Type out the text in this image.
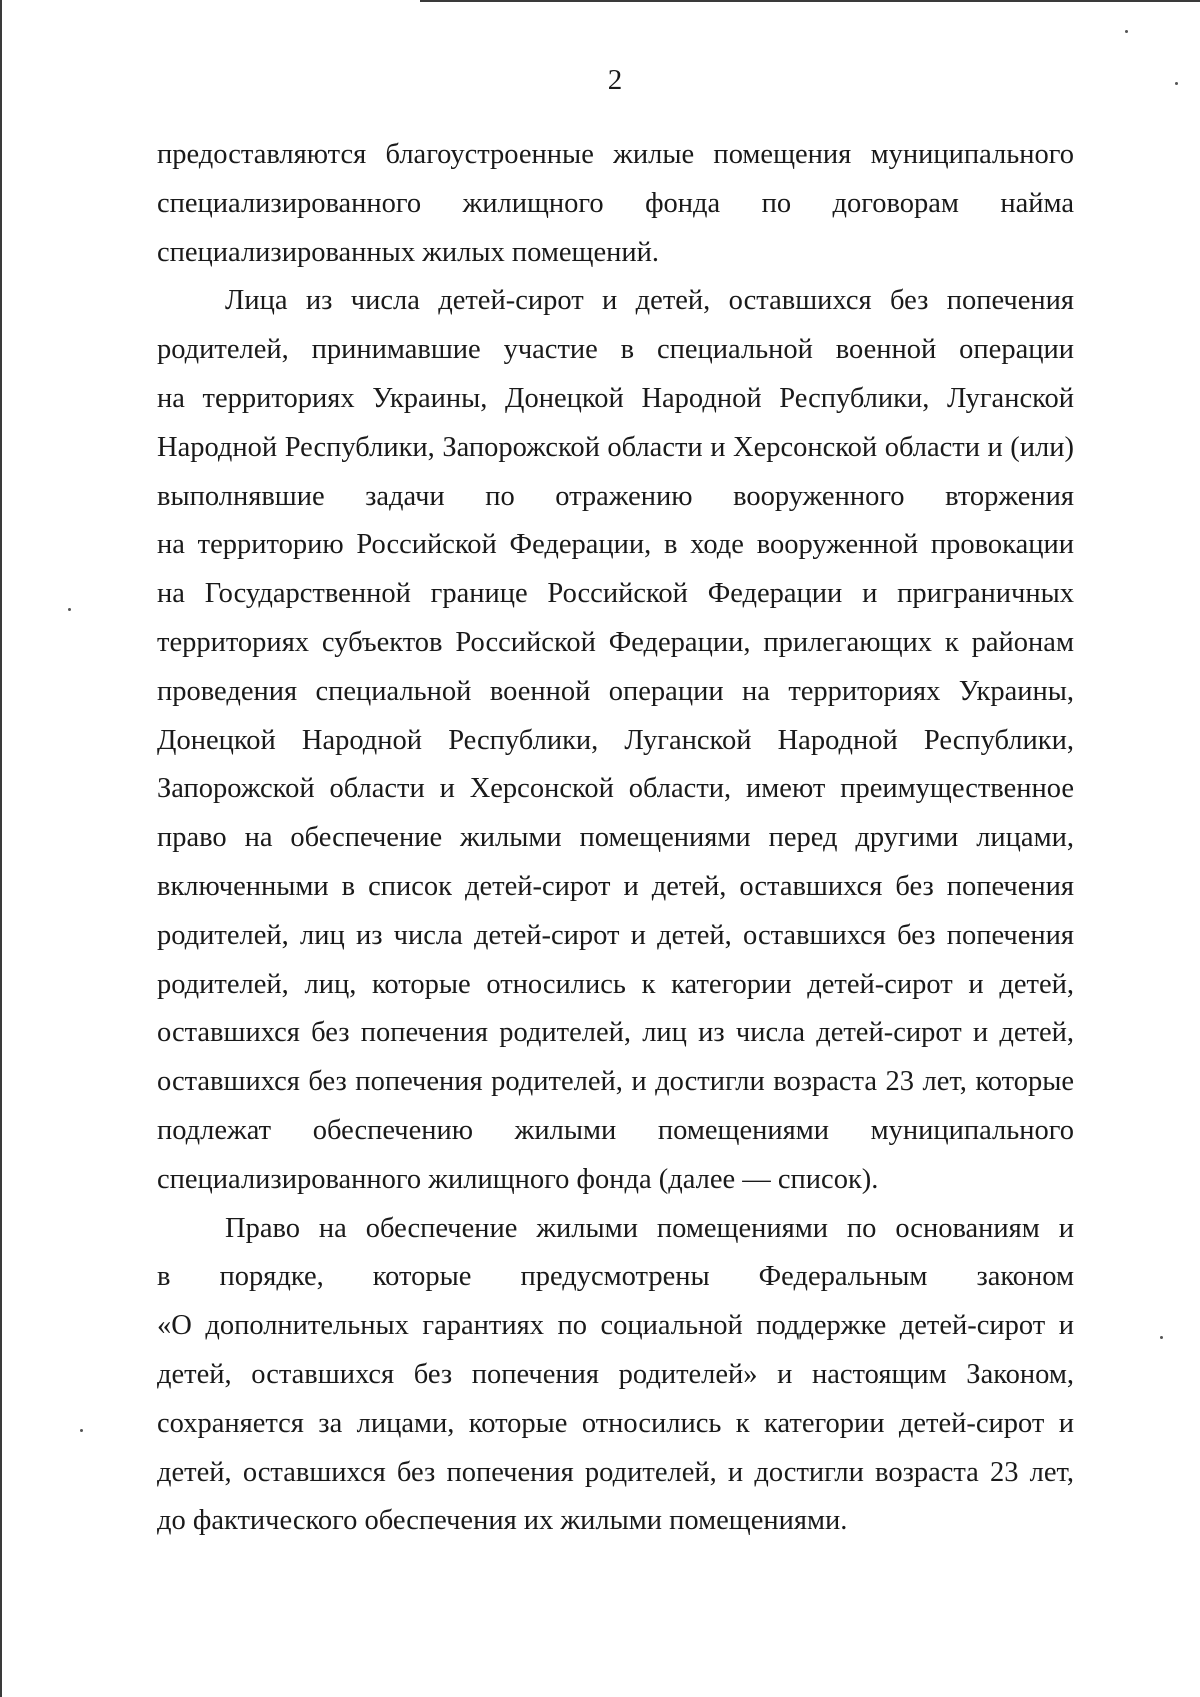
2
предоставляются благоустроенные жилые помещения муниципального
специализированного жилищного фонда по договорам найма
специализированных жилых помещений.
Лица из числа детей-сирот и детей, оставшихся без попечения
родителей, принимавшие участие в специальной военной операции
на территориях Украины, Донецкой Народной Республики, Луганской
Народной Республики, Запорожской области и Херсонской области и (или)
выполнявшие задачи по отражению вооруженного вторжения
на территорию Российской Федерации, в ходе вооруженной провокации
на Государственной границе Российской Федерации и приграничных
территориях субъектов Российской Федерации, прилегающих к районам
проведения специальной военной операции на территориях Украины,
Донецкой Народной Республики, Луганской Народной Республики,
Запорожской области и Херсонской области, имеют преимущественное
право на обеспечение жилыми помещениями перед другими лицами,
включенными в список детей-сирот и детей, оставшихся без попечения
родителей, лиц из числа детей-сирот и детей, оставшихся без попечения
родителей, лиц, которые относились к категории детей-сирот и детей,
оставшихся без попечения родителей, лиц из числа детей-сирот и детей,
оставшихся без попечения родителей, и достигли возраста 23 лет, которые
подлежат обеспечению жилыми помещениями муниципального
специализированного жилищного фонда (далее — список).
Право на обеспечение жилыми помещениями по основаниям и
в порядке, которые предусмотрены Федеральным законом
«О дополнительных гарантиях по социальной поддержке детей-сирот и
детей, оставшихся без попечения родителей» и настоящим Законом,
сохраняется за лицами, которые относились к категории детей-сирот и
детей, оставшихся без попечения родителей, и достигли возраста 23 лет,
до фактического обеспечения их жилыми помещениями.
